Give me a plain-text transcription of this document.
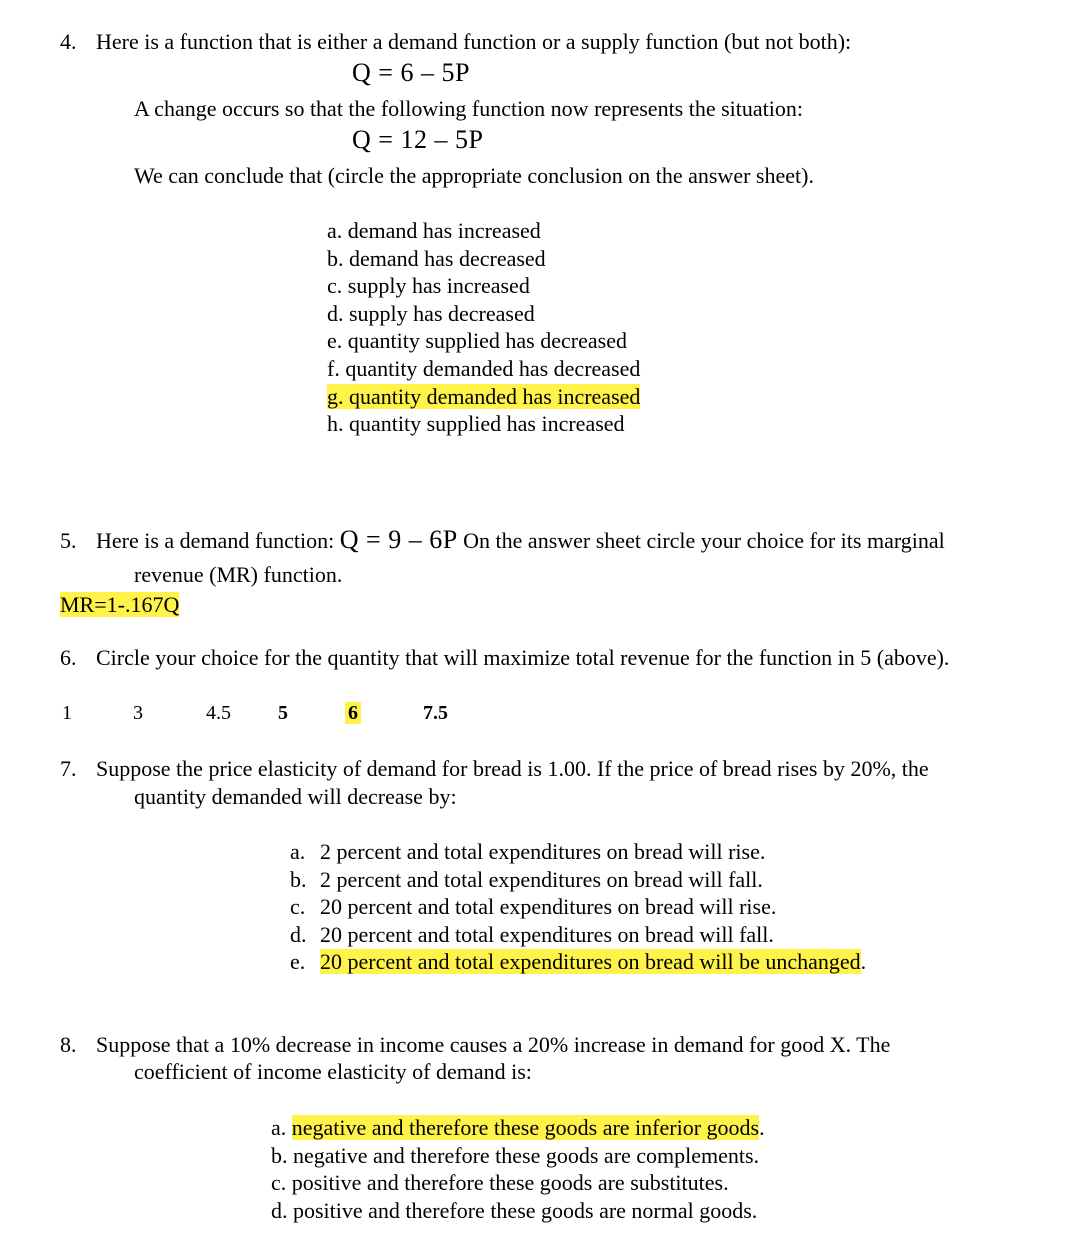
4. Here is a function that is either a demand function or a supply function (but not both):
Q = 6 – 5P
A change occurs so that the following function now represents the situation:
Q = 12 – 5P
We can conclude that (circle the appropriate conclusion on the answer sheet).
a. demand has increased
b. demand has decreased
c. supply has increased
d. supply has decreased
e. quantity supplied has decreased
f. quantity demanded has decreased
g. quantity demanded has increased
h. quantity supplied has increased
5. Here is a demand function: Q = 9 – 6P On the answer sheet circle your choice for its marginal
revenue (MR) function.
MR=1-.167Q
6. Circle your choice for the quantity that will maximize total revenue for the function in 5 (above).
1	3	4.5 5	6	7.5
7. Suppose the price elasticity of demand for bread is 1.00. If the price of bread rises by 20%, the
quantity demanded will decrease by:
a. 2 percent and total expenditures on bread will rise.
b. 2 percent and total expenditures on bread will fall.
c. 20 percent and total expenditures on bread will rise.
d. 20 percent and total expenditures on bread will fall.
e. 20 percent and total expenditures on bread will be unchanged.
8. Suppose that a 10% decrease in income causes a 20% increase in demand for good X. The
coefficient of income elasticity of demand is:
a. negative and therefore these goods are inferior goods.
b. negative and therefore these goods are complements.
c. positive and therefore these goods are substitutes.
d. positive and therefore these goods are normal goods.
